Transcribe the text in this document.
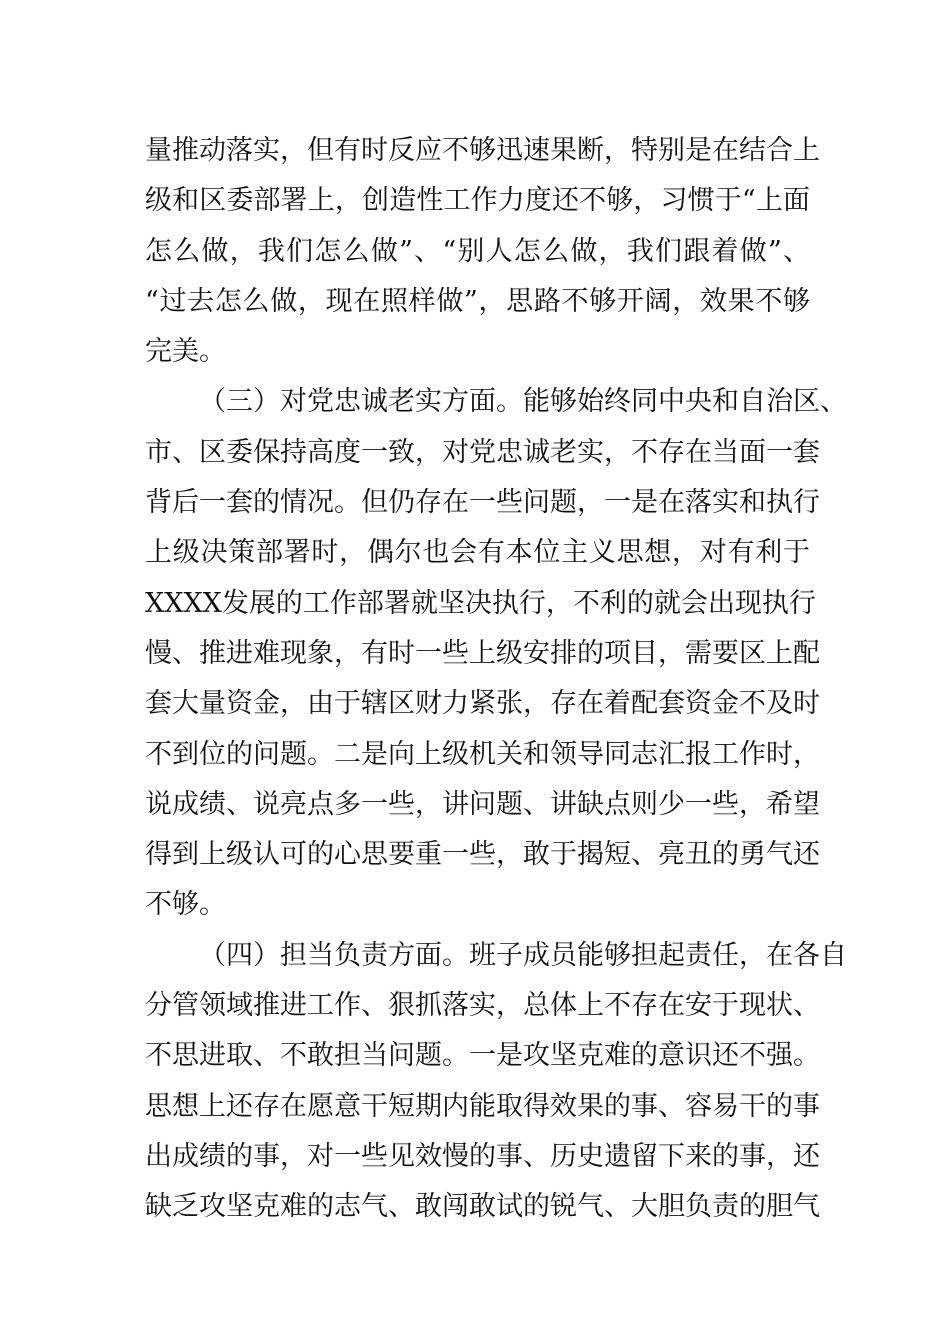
量推动落实，但有时反应不够迅速果断，特别是在结合上
级和区委部署上，创造性工作力度还不够，习惯于“上面
怎么做，我们怎么做”、“别人怎么做，我们跟着做”、
“过去怎么做，现在照样做”，思路不够开阔，效果不够
完美。
（三）对党忠诚老实方面。能够始终同中央和自治区、
市、区委保持高度一致，对党忠诚老实，不存在当面一套
背后一套的情况。但仍存在一些问题，一是在落实和执行
上级决策部署时，偶尔也会有本位主义思想，对有利于
XXXX发展的工作部署就坚决执行，不利的就会出现执行
慢、推进难现象，有时一些上级安排的项目，需要区上配
套大量资金，由于辖区财力紧张，存在着配套资金不及时
不到位的问题。二是向上级机关和领导同志汇报工作时，
说成绩、说亮点多一些，讲问题、讲缺点则少一些，希望
得到上级认可的心思要重一些，敢于揭短、亮丑的勇气还
不够。
（四）担当负责方面。班子成员能够担起责任，在各自
分管领域推进工作、狠抓落实，总体上不存在安于现状、
不思进取、不敢担当问题。一是攻坚克难的意识还不强。
思想上还存在愿意干短期内能取得效果的事、容易干的事
出成绩的事，对一些见效慢的事、历史遗留下来的事，还
缺乏攻坚克难的志气、敢闯敢试的锐气、大胆负责的胆气
